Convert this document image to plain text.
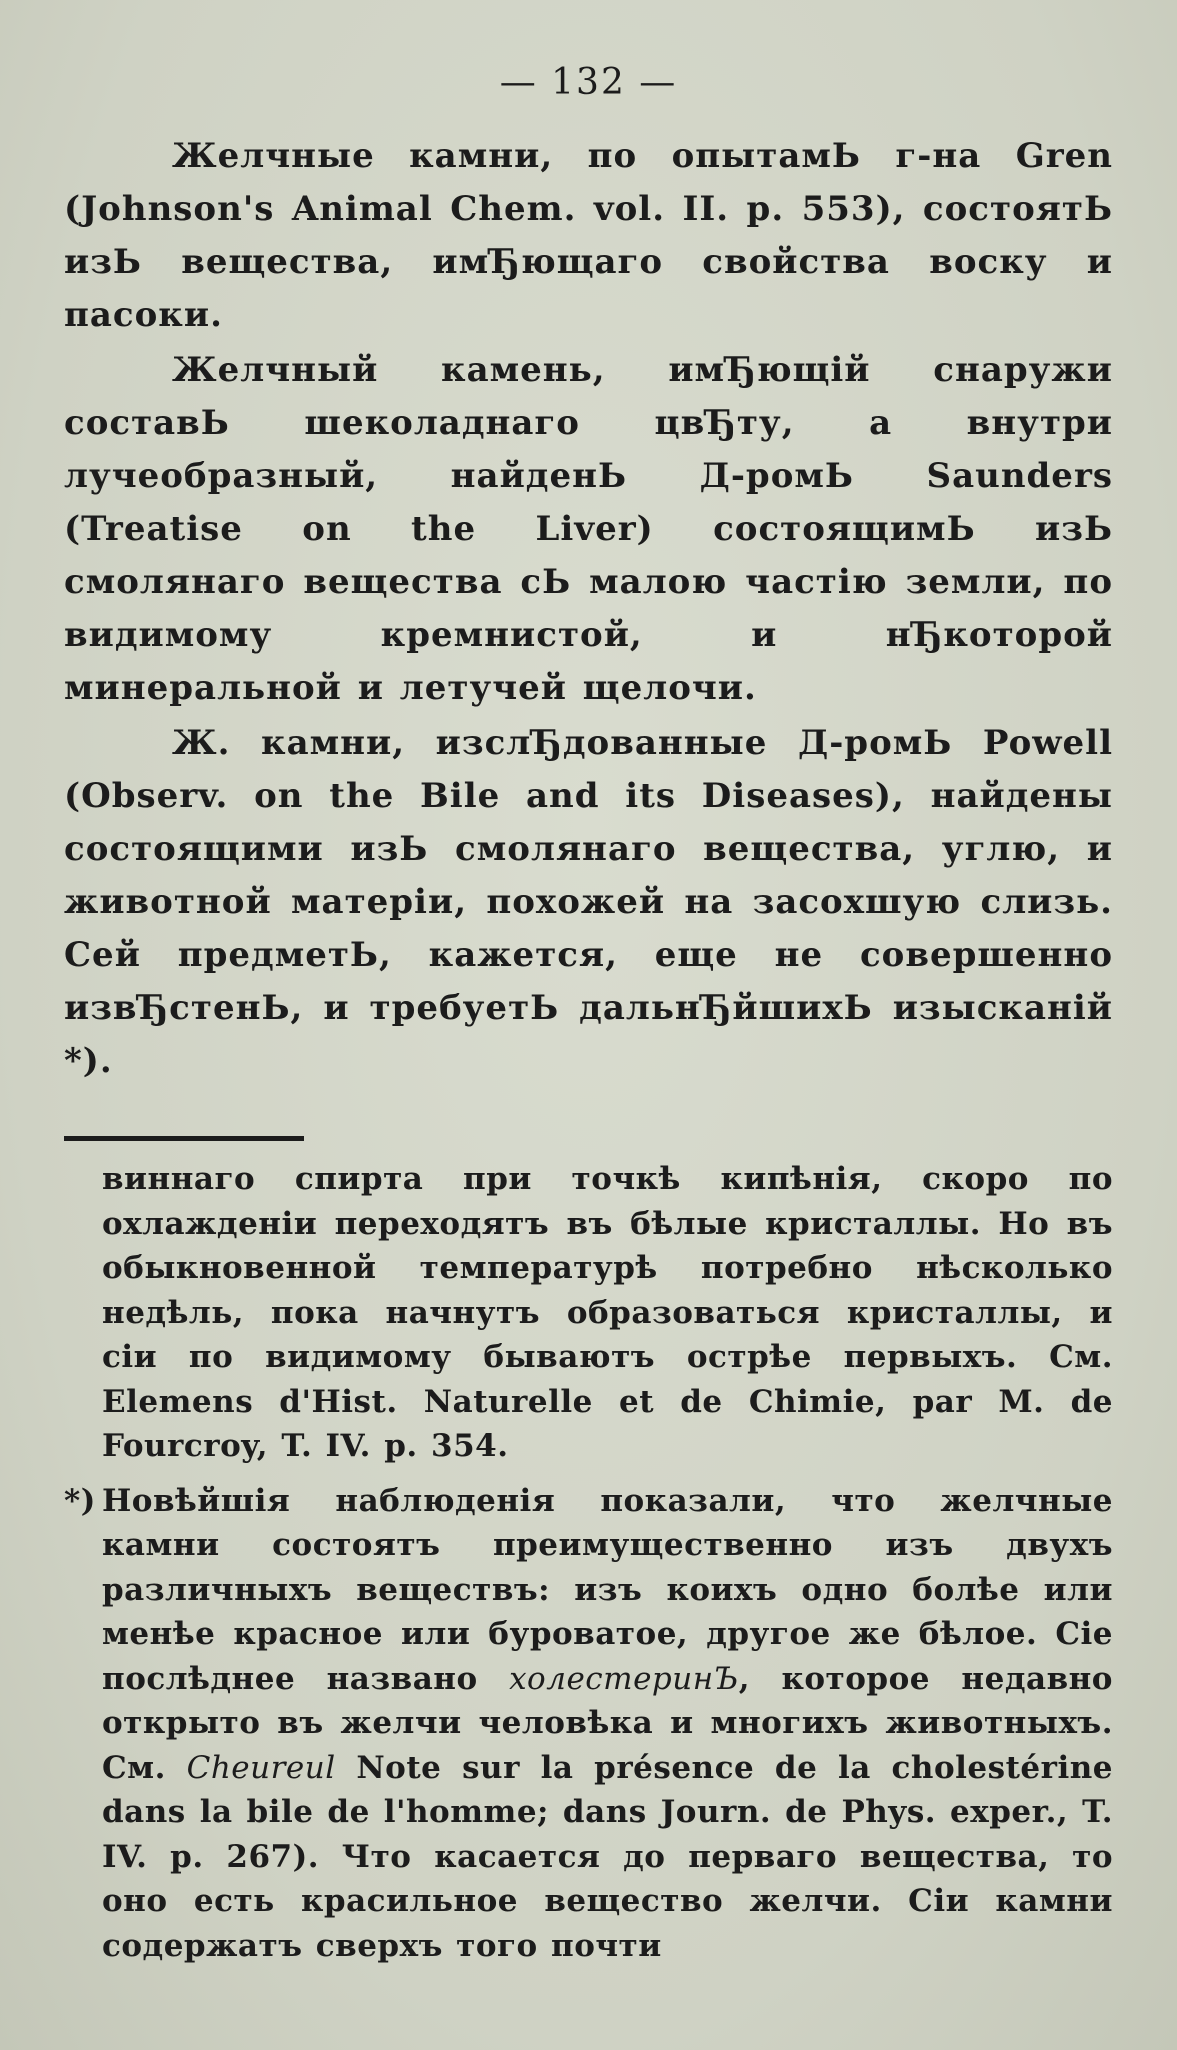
— 132 —

Желчные камни, по опытамЬ г-на Gren (Johnson's Animal Chem. vol. II. p. 553), состоятЬ изЬ вещества, имЂющаго свойства воску и пасоки.

Желчный камень, имЂющій снаружи составЬ шеколаднаго цвЂту, а внутри лучеобразный, найденЬ Д-ромЬ Saunders (Treatise on the Liver) состоящимЬ изЬ смолянаго вещества сЬ малою частію земли, по видимому кремнистой, и нЂкоторой минеральной и летучей щелочи.

Ж. камни, изслЂдованные Д-ромЬ Powell (Observ. on the Bile and its Diseases), найдены состоящими изЬ смолянаго вещества, углю, и животной матеріи, похожей на засохшую слизь. Сей предметЬ, кажется, еще не совершенно извЂстенЬ, и требуетЬ дальнЂйшихЬ изысканій *).

виннаго спирта при точкѣ кипѣнія, скоро по охлажденіи переходятъ въ бѣлые кристаллы. Но въ обыкновенной температурѣ потребно нѣсколько недѣль, пока начнутъ образоваться кристаллы, и сіи по видимому бываютъ острѣе первыхъ. См. Elemens d'Hist. Naturelle et de Chimie, par M. de Fourcroy, T. IV. p. 354.

*) Новѣйшія наблюденія показали, что желчные камни состоятъ преимущественно изъ двухъ различныхъ веществъ: изъ коихъ одно болѣе или менѣе красное или буроватое, другое же бѣлое. Сіе послѣднее названо холестеринЪ, которое недавно открыто въ желчи человѣка и многихъ животныхъ. См. Cheureul Note sur la présence de la cholestérine dans la bile de l'homme; dans Journ. de Phys. exper., T. IV. p. 267). Что касается до перваго вещества, то оно есть красильное вещество желчи. Сіи камни содержатъ сверхъ того почти
